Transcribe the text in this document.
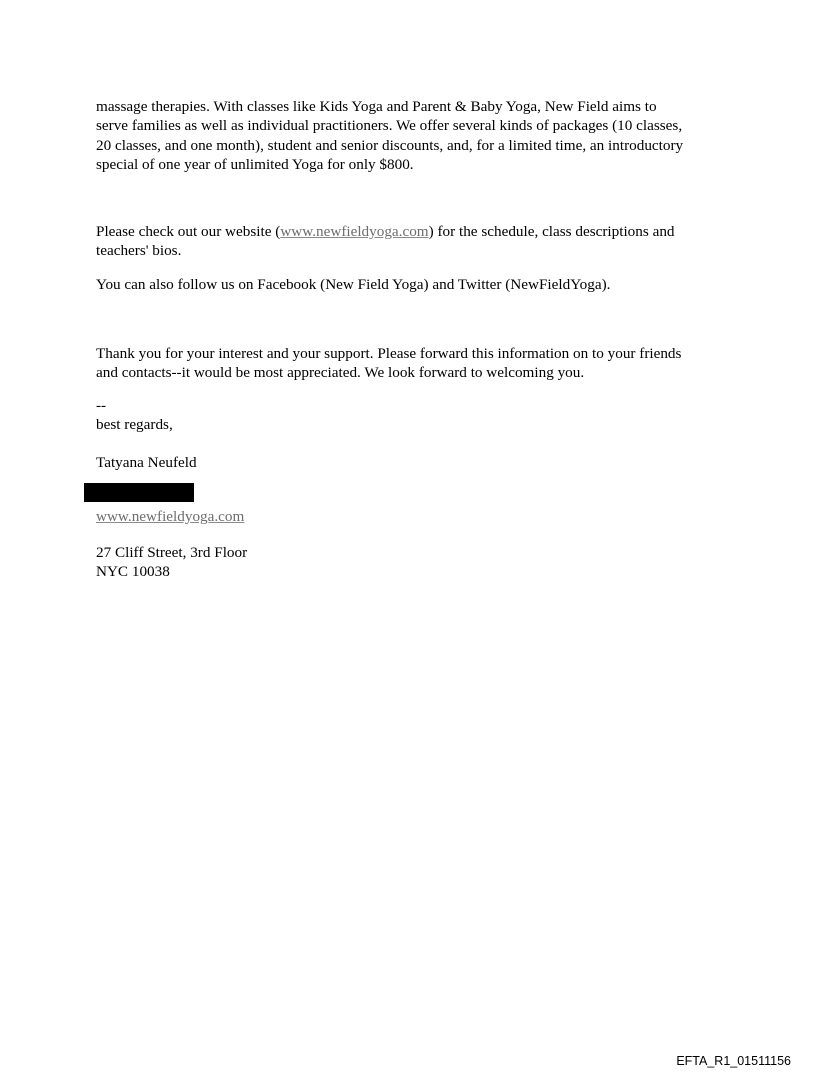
massage therapies. With classes like Kids Yoga and Parent & Baby Yoga, New Field aims to
serve families as well as individual practitioners. We offer several kinds of packages (10 classes,
20 classes, and one month), student and senior discounts, and, for a limited time, an introductory
special of one year of unlimited Yoga for only $800.

Please check out our website (www.newfieldyoga.com) for the schedule, class descriptions and
teachers' bios.

You can also follow us on Facebook (New Field Yoga) and Twitter (NewFieldYoga).

Thank you for your interest and your support. Please forward this information on to your friends
and contacts--it would be most appreciated. We look forward to welcoming you.

--
best regards,

Tatyana Neufeld

www.newfieldyoga.com

27 Cliff Street, 3rd Floor
NYC 10038

EFTA_R1_01511156
